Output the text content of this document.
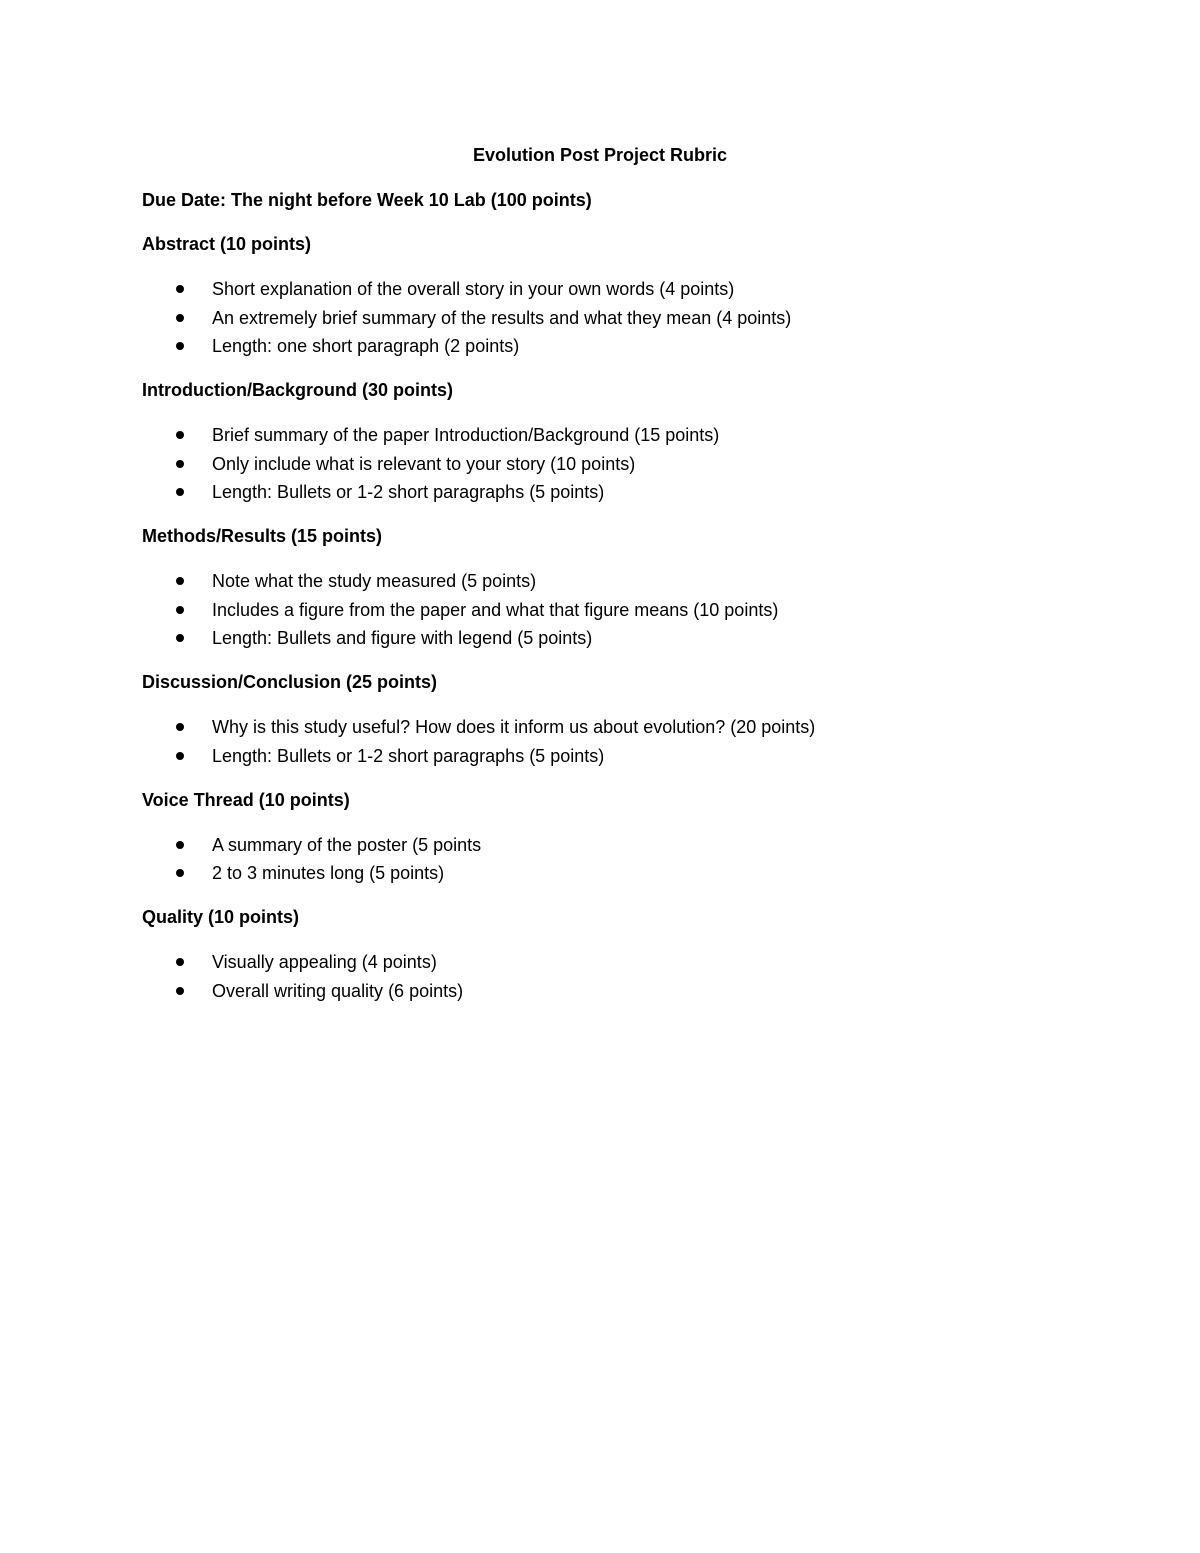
Evolution Post Project Rubric
Due Date: The night before Week 10 Lab (100 points)
Abstract (10 points)
Short explanation of the overall story in your own words (4 points)
An extremely brief summary of the results and what they mean (4 points)
Length: one short paragraph (2 points)
Introduction/Background (30 points)
Brief summary of the paper Introduction/Background (15 points)
Only include what is relevant to your story (10 points)
Length: Bullets or 1-2 short paragraphs (5 points)
Methods/Results (15 points)
Note what the study measured (5 points)
Includes a figure from the paper and what that figure means (10 points)
Length: Bullets and figure with legend (5 points)
Discussion/Conclusion (25 points)
Why is this study useful? How does it inform us about evolution? (20 points)
Length: Bullets or 1-2 short paragraphs (5 points)
Voice Thread (10 points)
A summary of the poster (5 points
2 to 3 minutes long (5 points)
Quality (10 points)
Visually appealing (4 points)
Overall writing quality (6 points)
